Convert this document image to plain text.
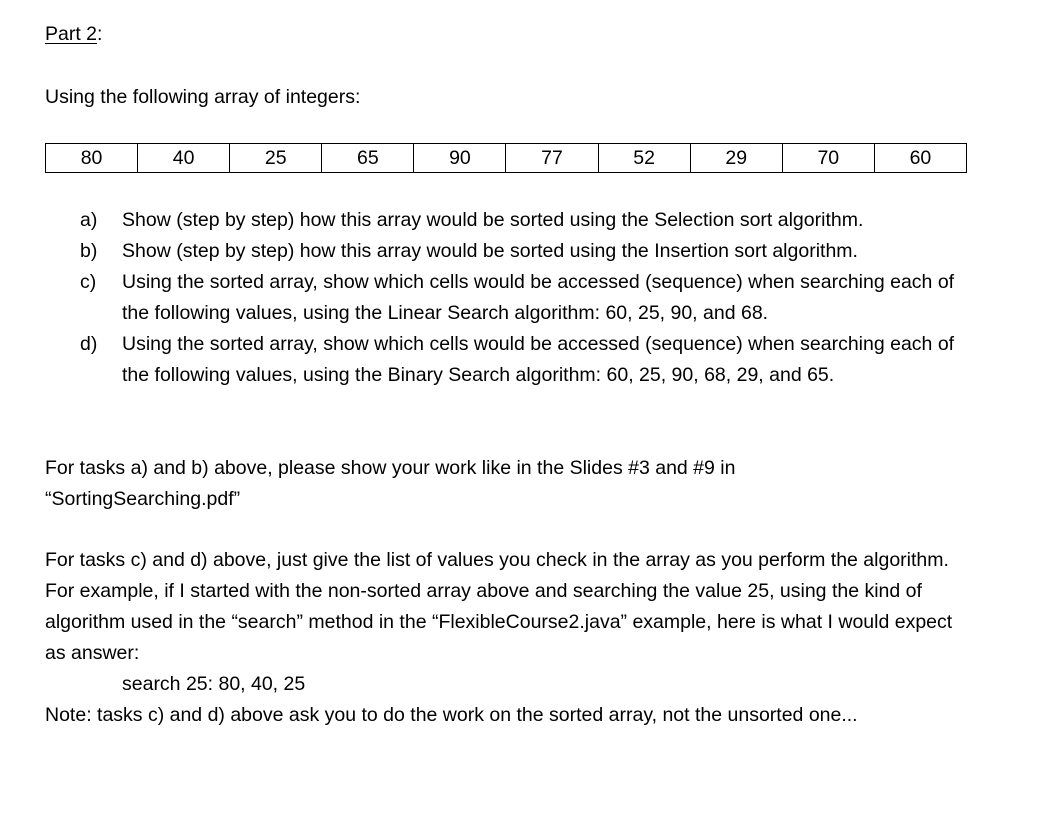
Part 2:
Using the following array of integers:
80	40	25	65	90	77	52	29	70	60
a)	Show (step by step) how this array would be sorted using the Selection sort algorithm.
b)	Show (step by step) how this array would be sorted using the Insertion sort algorithm.
c)	Using the sorted array, show which cells would be accessed (sequence) when searching each of the following values, using the Linear Search algorithm: 60, 25, 90, and 68.
d)	Using the sorted array, show which cells would be accessed (sequence) when searching each of the following values, using the Binary Search algorithm: 60, 25, 90, 68, 29, and 65.
For tasks a) and b) above, please show your work like in the Slides #3 and #9 in “SortingSearching.pdf”
For tasks c) and d) above, just give the list of values you check in the array as you perform the algorithm. For example, if I started with the non-sorted array above and searching the value 25, using the kind of algorithm used in the “search” method in the “FlexibleCourse2.java” example, here is what I would expect as answer:
search 25: 80, 40, 25
Note: tasks c) and d) above ask you to do the work on the sorted array, not the unsorted one...
